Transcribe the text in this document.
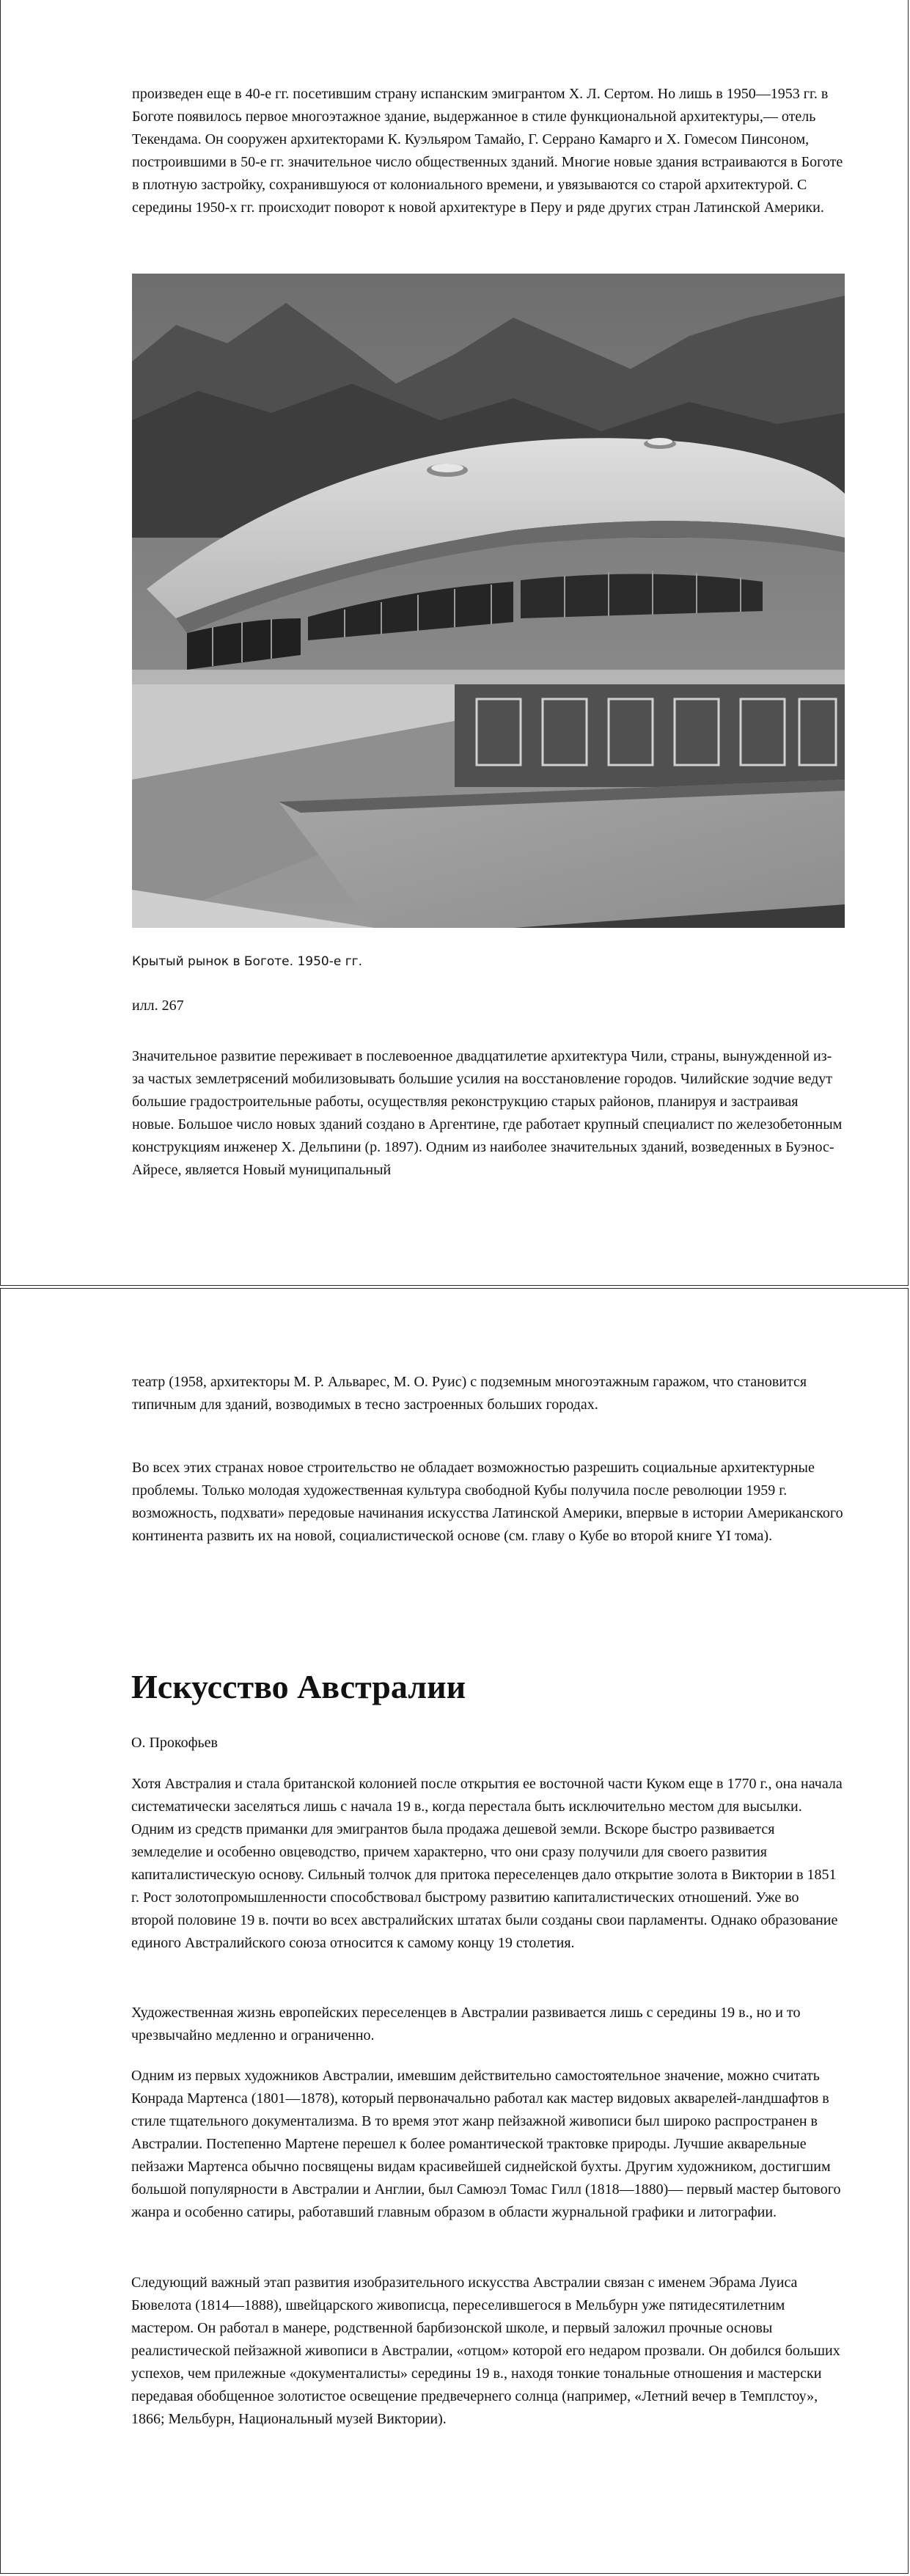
произведен еще в 40-е гг. посетившим страну испанским эмигрантом Х. Л. Сертом. Но лишь в 1950—1953 гг. в Боготе появилось первое многоэтажное здание, выдержанное в стиле функциональной архитектуры,— отель Текендама. Он сооружен архитекторами К. Куэльяром Тамайо, Г. Серрано Камарго и Х. Гомесом Пинсоном, построившими в 50-е гг. значительное число общественных зданий. Многие новые здания встраиваются в Боготе в плотную застройку, сохранившуюся от колониального времени, и увязываются со старой архитектурой. С середины 1950-х гг. происходит поворот к новой архитектуре в Перу и ряде других стран Латинской Америки.

Крытый рынок в Боготе. 1950-е гг.
илл. 267

Значительное развитие переживает в послевоенное двадцатилетие архитектура Чили, страны, вынужденной из-за частых землетрясений мобилизовывать большие усилия на восстановление городов. Чилийские зодчие ведут большие градостроительные работы, осуществляя реконструкцию старых районов, планируя и застраивая новые. Большое число новых зданий создано в Аргентине, где работает крупный специалист по железобетонным конструкциям инженер Х. Дельпини (р. 1897). Одним из наиболее значительных зданий, возведенных в Буэнос-Айресе, является Новый муниципальный

театр (1958, архитекторы М. Р. Альварес, М. О. Руис) с подземным многоэтажным гаражом, что становится типичным для зданий, возводимых в тесно застроенных больших городах.

Во всех этих странах новое строительство не обладает возможностью разрешить социальные архитектурные проблемы. Только молодая художественная культура свободной Кубы получила после революции 1959 г. возможность, подхвати» передовые начинания искусства Латинской Америки, впервые в истории Американского континента развить их на новой, социалистической основе (см. главу о Кубе во второй книге YI тома).

Искусство Австралии
О. Прокофьев

Хотя Австралия и стала британской колонией после открытия ее восточной части Куком еще в 1770 г., она начала систематически заселяться лишь с начала 19 в., когда перестала быть исключительно местом для высылки. Одним из средств приманки для эмигрантов была продажа дешевой земли. Вскоре быстро развивается земледелие и особенно овцеводство, причем характерно, что они сразу получили для своего развития капиталистическую основу. Сильный толчок для притока переселенцев дало открытие золота в Виктории в 1851 г. Рост золотопромышленности способствовал быстрому развитию капиталистических отношений. Уже во второй половине 19 в. почти во всех австралийских штатах были созданы свои парламенты. Однако образование единого Австралийского союза относится к самому концу 19 столетия.

Художественная жизнь европейских переселенцев в Австралии развивается лишь с середины 19 в., но и то чрезвычайно медленно и ограниченно.

Одним из первых художников Австралии, имевшим действительно самостоятельное значение, можно считать Конрада Мартенса (1801—1878), который первоначально работал как мастер видовых акварелей-ландшафтов в стиле тщательного документализма. В то время этот жанр пейзажной живописи был широко распространен в Австралии. Постепенно Мартене перешел к более романтической трактовке природы. Лучшие акварельные пейзажи Мартенса обычно посвящены видам красивейшей сиднейской бухты. Другим художником, достигшим большой популярности в Австралии и Англии, был Самюэл Томас Гилл (1818—1880)— первый мастер бытового жанра и особенно сатиры, работавший главным образом в области журнальной графики и литографии.

Следующий важный этап развития изобразительного искусства Австралии связан с именем Эбрама Луиса Бювелота (1814—1888), швейцарского живописца, переселившегося в Мельбурн уже пятидесятилетним мастером. Он работал в манере, родственной барбизонской школе, и первый заложил прочные основы реалистической пейзажной живописи в Австралии, «отцом» которой его недаром прозвали. Он добился больших успехов, чем прилежные «документалисты» середины 19 в., находя тонкие тональные отношения и мастерски передавая обобщенное золотистое освещение предвечернего солнца (например, «Летний вечер в Темплстоу», 1866; Мельбурн, Национальный музей Виктории).
